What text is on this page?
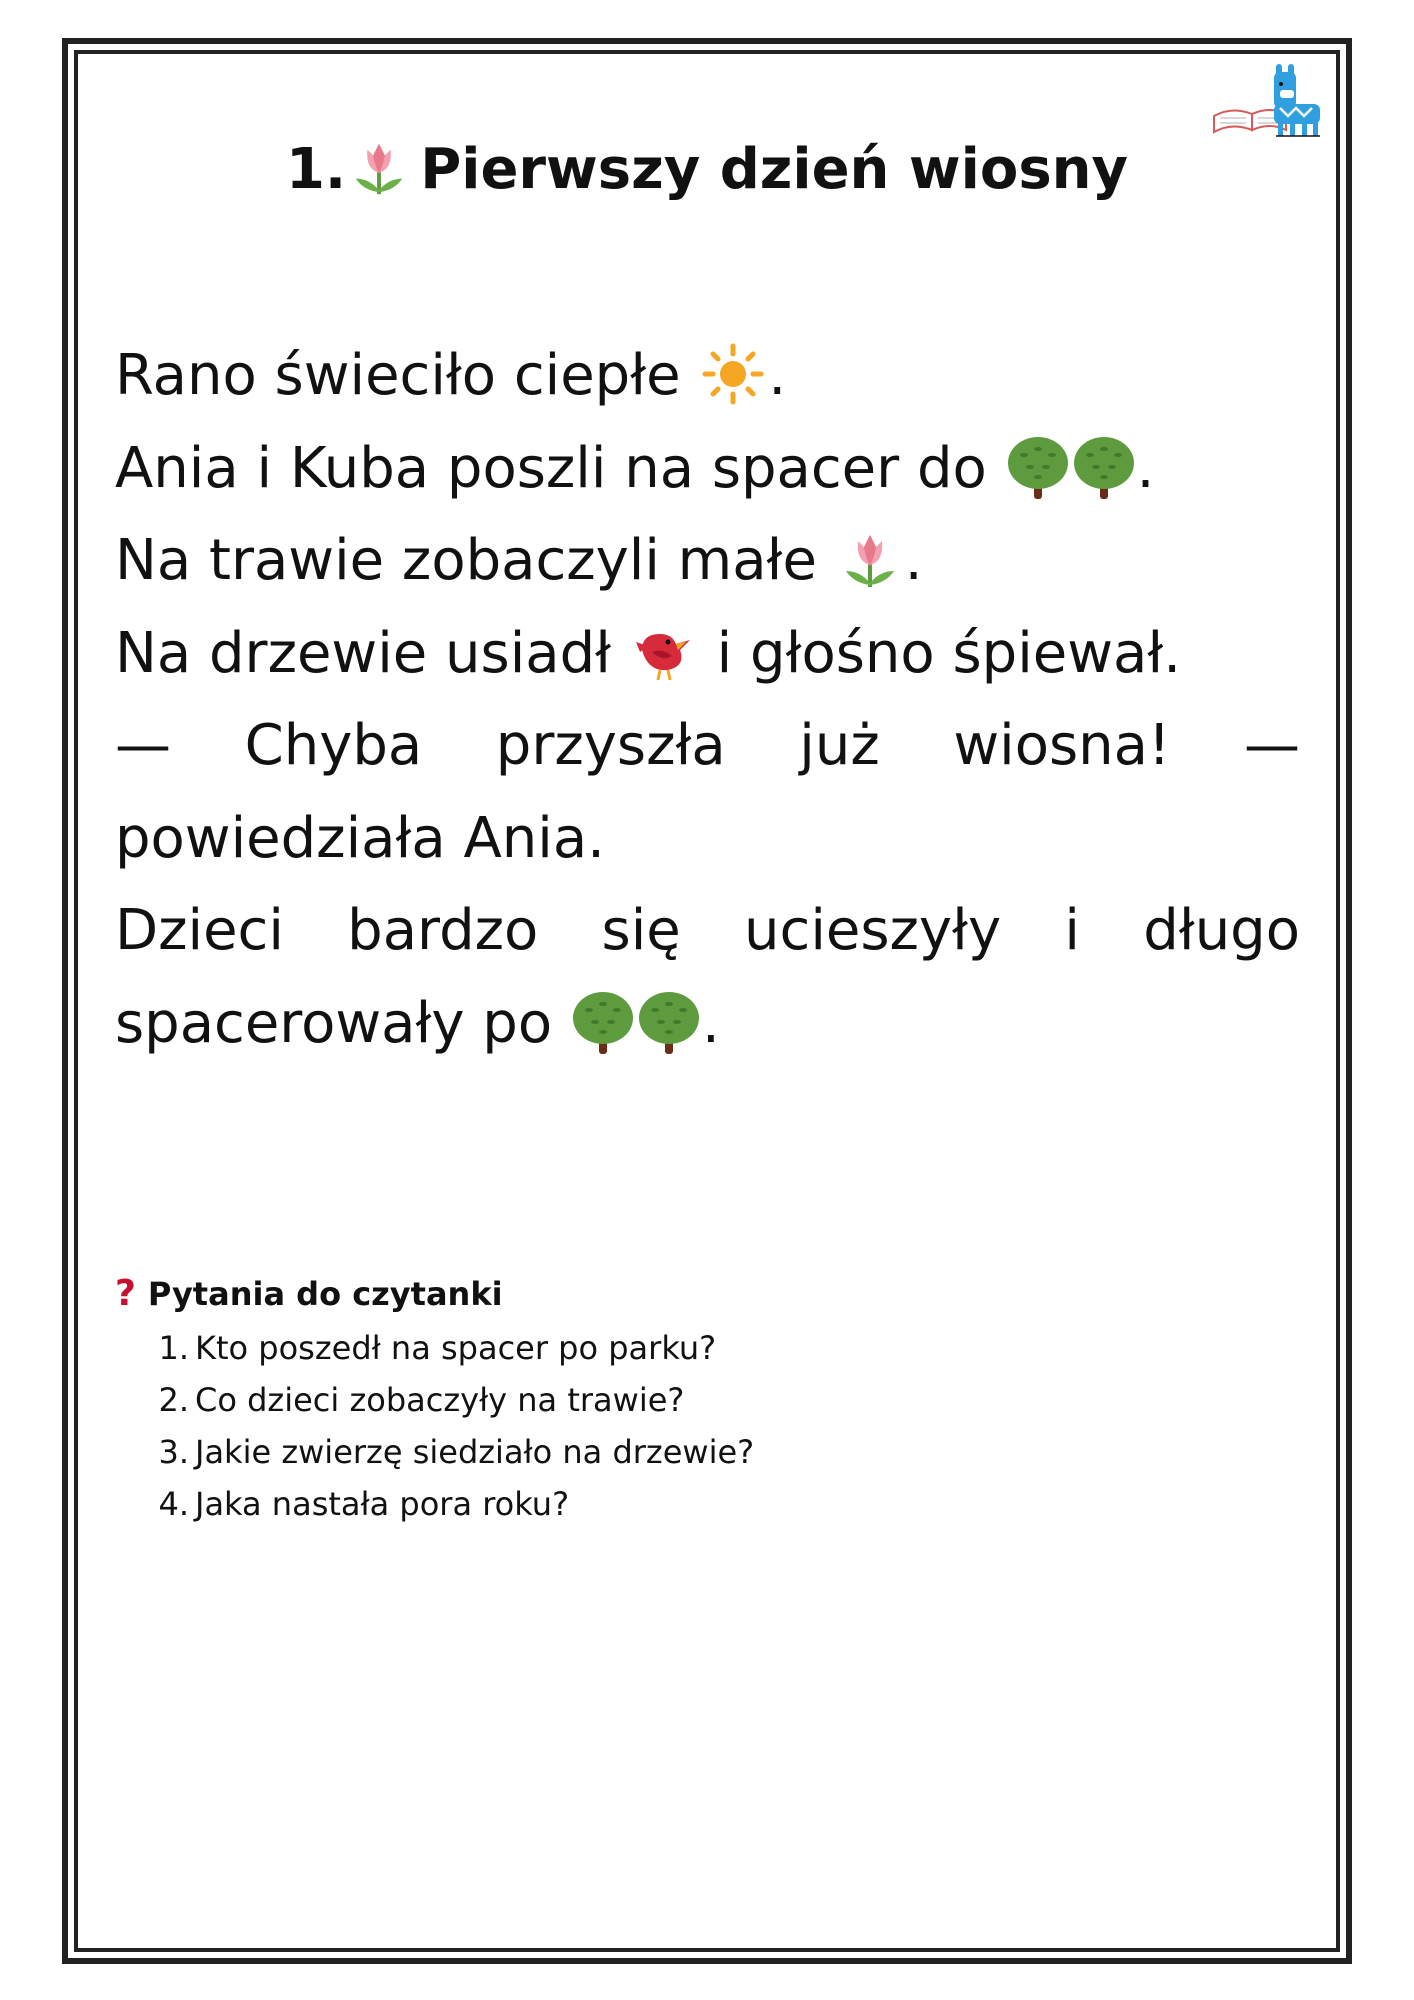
1. Pierwszy dzień wiosny

Rano świeciło ciepłe .

Ania i Kuba poszli na spacer do	.

Na trawie zobaczyli małe .

Na drzewie usiadł i głośno śpiewał.

— Chyba przyszła już wiosna! — powiedziała Ania.

Dzieci bardzo się ucieszyły i długo spacerowały po	.

? Pytania do czytanki
1. Kto poszedł na spacer po parku?
2. Co dzieci zobaczyły na trawie?
3. Jakie zwierzę siedziało na drzewie?
4. Jaka nastała pora roku?
